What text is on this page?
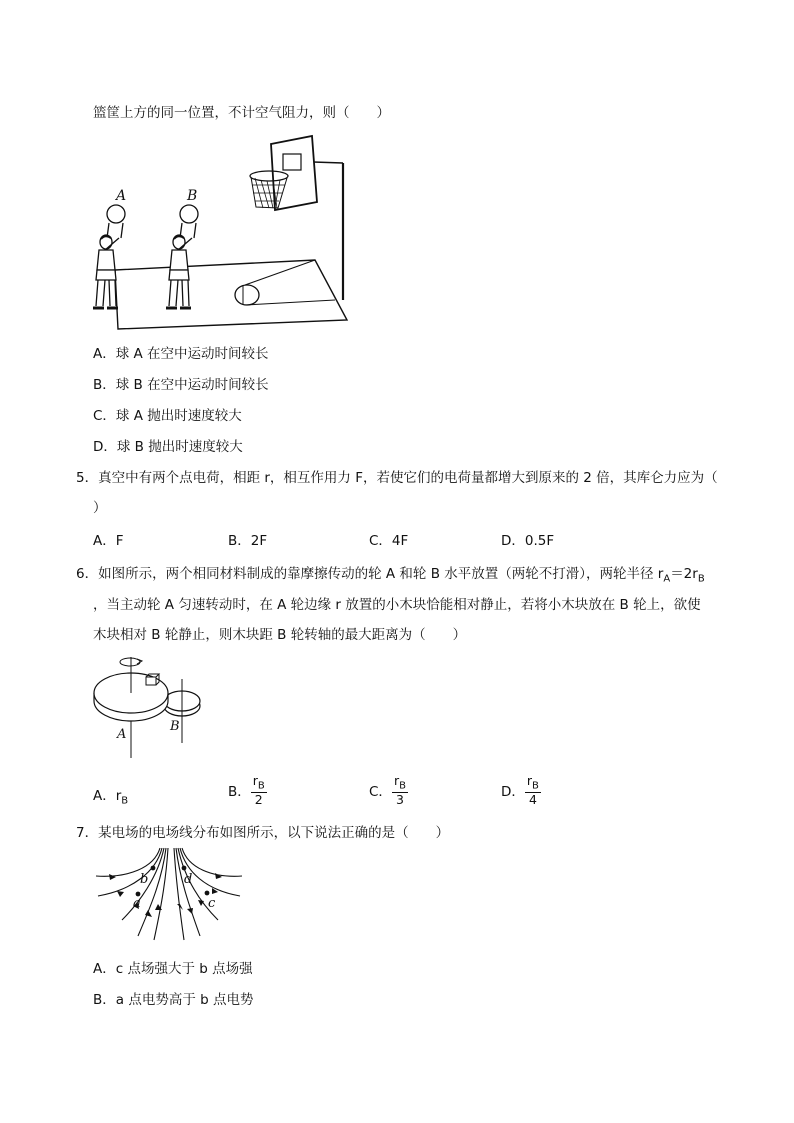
篮筐上方的同一位置，不计空气阻力，则（　　）
A	B
A．球 A 在空中运动时间较长
B．球 B 在空中运动时间较长
C．球 A 抛出时速度较大
D．球 B 抛出时速度较大
5．真空中有两个点电荷，相距 r，相互作用力 F，若使它们的电荷量都增大到原来的 2 倍，其库仑力应为（
）
A．F	B．2F	C．4F	D．0.5F
6．如图所示，两个相同材料制成的靠摩擦传动的轮 A 和轮 B 水平放置（两轮不打滑），两轮半径 $r_A=2r_B$
，当主动轮 A 匀速转动时，在 A 轮边缘 r 放置的小木块恰能相对静止，若将小木块放在 B 轮上，欲使
木块相对 B 轮静止，则木块距 B 轮转轴的最大距离为（　　）
A
B
A．$r_B$
B． $\frac{r_B}{2}$	C． $\frac{r_B}{3}$	D． $\frac{r_B}{4}$
7．某电场的电场线分布如图所示，以下说法正确的是（　　）
b	d
a	c
A．c 点场强大于 b 点场强
B．a 点电势高于 b 点电势
